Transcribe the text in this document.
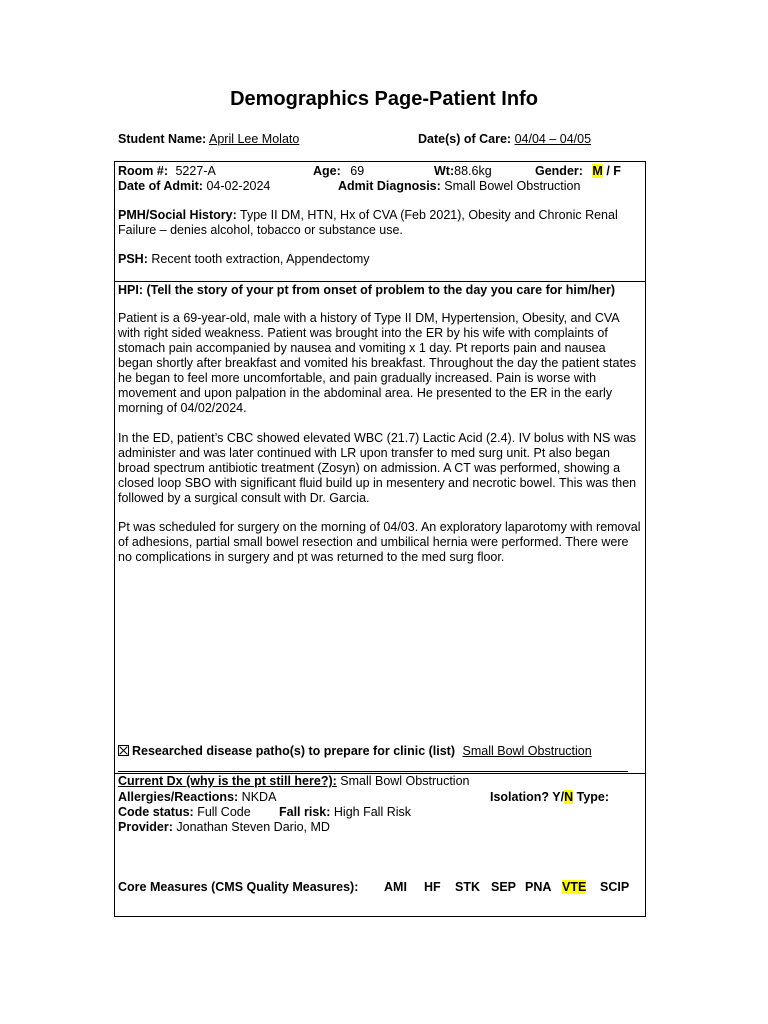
Demographics Page-Patient Info
Student Name: April Lee Molato	Date(s) of Care: 04/04 – 04/05
Room #: 5227-A	Age: 69	Wt:88.6kg	Gender: M / F
Date of Admit: 04-02-2024	Admit Diagnosis: Small Bowel Obstruction

PMH/Social History: Type II DM, HTN, Hx of CVA (Feb 2021), Obesity and Chronic Renal Failure – denies alcohol, tobacco or substance use.

PSH: Recent tooth extraction, Appendectomy
HPI: (Tell the story of your pt from onset of problem to the day you care for him/her)

Patient is a 69-year-old, male with a history of Type II DM, Hypertension, Obesity, and CVA with right sided weakness. Patient was brought into the ER by his wife with complaints of stomach pain accompanied by nausea and vomiting x 1 day. Pt reports pain and nausea began shortly after breakfast and vomited his breakfast. Throughout the day the patient states he began to feel more uncomfortable, and pain gradually increased. Pain is worse with movement and upon palpation in the abdominal area. He presented to the ER in the early morning of 04/02/2024.

In the ED, patient’s CBC showed elevated WBC (21.7) Lactic Acid (2.4). IV bolus with NS was administer and was later continued with LR upon transfer to med surg unit. Pt also began broad spectrum antibiotic treatment (Zosyn) on admission. A CT was performed, showing a closed loop SBO with significant fluid build up in mesentery and necrotic bowel. This was then followed by a surgical consult with Dr. Garcia.

Pt was scheduled for surgery on the morning of 04/03. An exploratory laparotomy with removal of adhesions, partial small bowel resection and umbilical hernia were performed. There were no complications in surgery and pt was returned to the med surg floor.

Researched disease patho(s) to prepare for clinic (list) Small Bowl Obstruction
Current Dx (why is the pt still here?): Small Bowl Obstruction
Allergies/Reactions: NKDA	Isolation? Y/N Type:
Code status: Full Code Fall risk: High Fall Risk
Provider: Jonathan Steven Dario, MD
Core Measures (CMS Quality Measures): AMI HF STK SEP PNA VTE SCIP
